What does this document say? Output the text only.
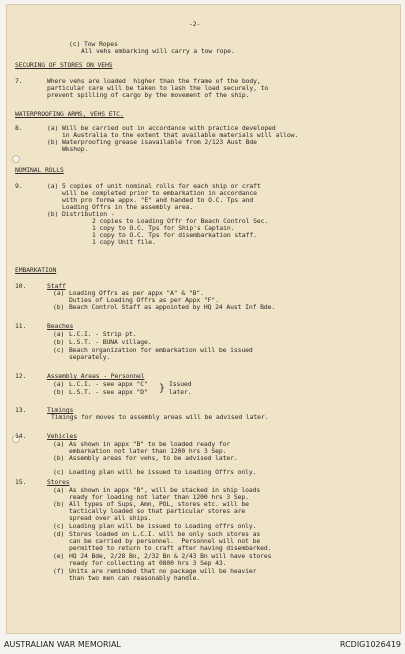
-2-
(c) Tow Ropes
All vehs embarking will carry a tow rope.
SECURING OF STORES ON VEHS
7.	Where vehs are loaded  higher than the frame of the body,
particular care will be taken to lash the load securely, to
prevent spilling of cargo by the movement of the ship.
WATERPROOFING ARMS, VEHS ETC.
8.	(a) Will be carried out in accordance with practice developed
in Australia to the extent that available materials will allow.
(b) Waterproofing grease isavailable from 2/123 Aust Bde
Wkshop.
NOMINAL ROLLS
9.	(a) 5 copies of unit nominal rolls for each ship or craft
will be completed prior to embarkation in accordance
with pro forma appx. "E" and handed to O.C. Tps and
Loading Offrs in the assembly area.
(b) Distribution -
2 copies to Loading Offr for Beach Control Sec.
1 copy to O.C. Tps for Ship's Captain.
1 copy to O.C. Tps for disembarkation staff.
1 copy Unit file.
EMBARKATION
10.	Staff
(a) Loading Offrs as per appx "A" & "B".
Duties of Loading Offrs as per Appx "F".
(b) Beach Control Staff as appointed by HQ 24 Aust Inf Bde.
11.	Beaches
(a) L.C.I. - Strip pt.
(b) L.S.T. - BUNA village.
(c) Beach organization for embarkation will be issued
separately.
12.	Assembly Areas - Personnel
(a) L.C.I. - see appx "C"
(b) L.S.T. - see appx "D" } Issued
later.
13.	Timings
Timings for moves to assembly areas will be advised later.
14.	Vehicles
(a) As shown in appx "B" to be loaded ready for
embarkation not later than 1200 hrs 3 Sep.
(b) Assembly areas for vehs, to be advised later.
(c) Loading plan will be issued to Loading Offrs only.
15.	Stores
(a) As shown in appx "B", will be stacked in ship loads
ready for loading not later than 1200 hrs 3 Sep.
(b) All types of Sups, Amn, POL, stores etc. will be
tactically loaded so that particular stores are
spread over all ships.
(c) Loading plan will be issued to Loading offrs only.
(d) Stores loaded on L.C.I. will be only such stores as
can be carried by personnel.  Personnel will not be
permitted to return to craft after having disembarked.
(e) HQ 24 Bde, 2/28 Bn, 2/32 Bn & 2/43 Bn will have stores
ready for collecting at 0800 hrs 3 Sep 43.
(f) Units are reminded that no package will be heavier
than two men can reasonably handle.
AUSTRALIAN WAR MEMORIAL	RCDIG1026419
